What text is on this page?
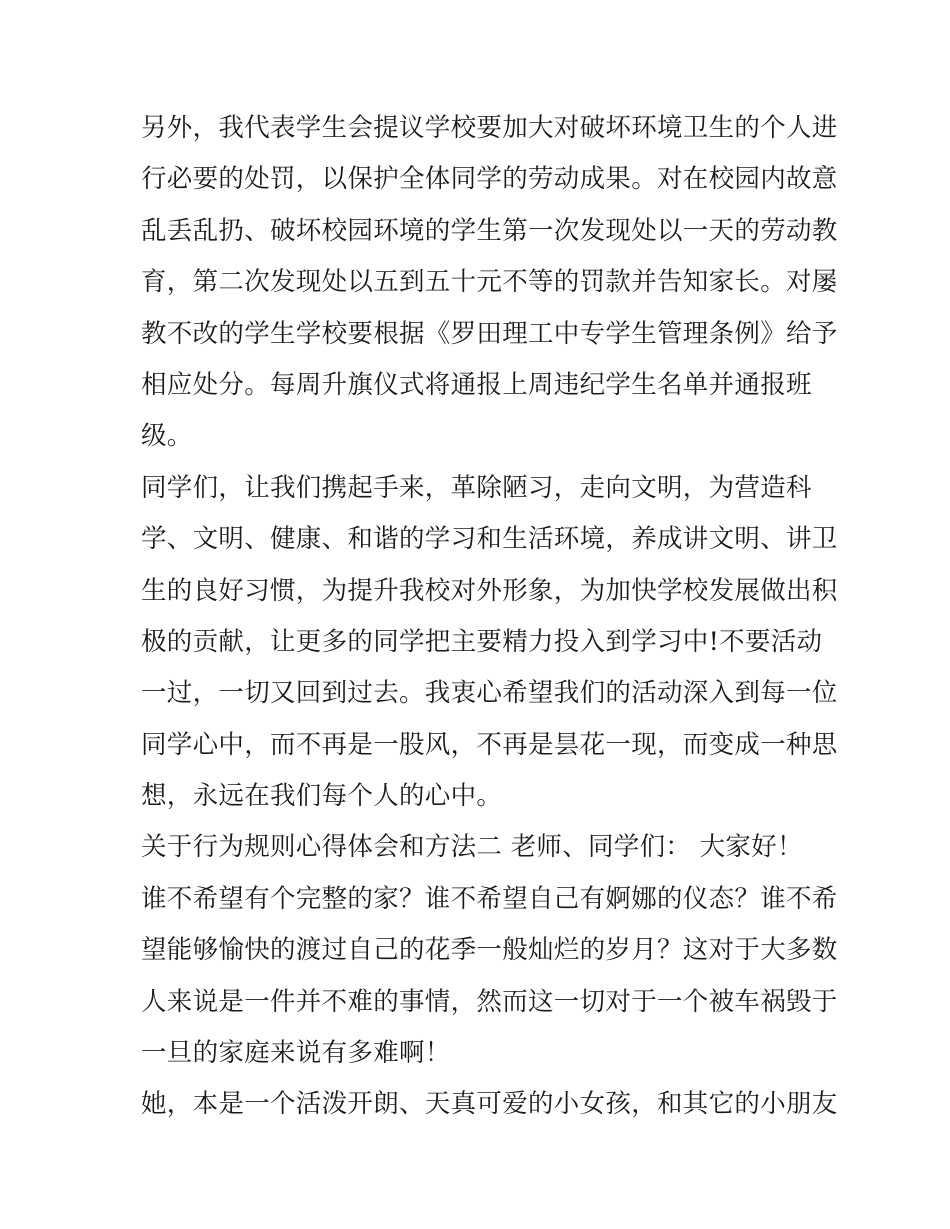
另外，我代表学生会提议学校要加大对破坏环境卫生的个人进
行必要的处罚，以保护全体同学的劳动成果。对在校园内故意
乱丢乱扔、破坏校园环境的学生第一次发现处以一天的劳动教
育，第二次发现处以五到五十元不等的罚款并告知家长。对屡
教不改的学生学校要根据《罗田理工中专学生管理条例》给予
相应处分。每周升旗仪式将通报上周违纪学生名单并通报班
级。
同学们，让我们携起手来，革除陋习，走向文明，为营造科
学、文明、健康、和谐的学习和生活环境，养成讲文明、讲卫
生的良好习惯，为提升我校对外形象，为加快学校发展做出积
极的贡献，让更多的同学把主要精力投入到学习中!不要活动
一过，一切又回到过去。我衷心希望我们的活动深入到每一位
同学心中，而不再是一股风，不再是昙花一现，而变成一种思
想，永远在我们每个人的心中。
关于行为规则心得体会和方法二 老师、同学们： 大家好！
谁不希望有个完整的家？谁不希望自己有婀娜的仪态？谁不希
望能够愉快的渡过自己的花季一般灿烂的岁月？这对于大多数
人来说是一件并不难的事情，然而这一切对于一个被车祸毁于
一旦的家庭来说有多难啊！
她，本是一个活泼开朗、天真可爱的小女孩，和其它的小朋友
